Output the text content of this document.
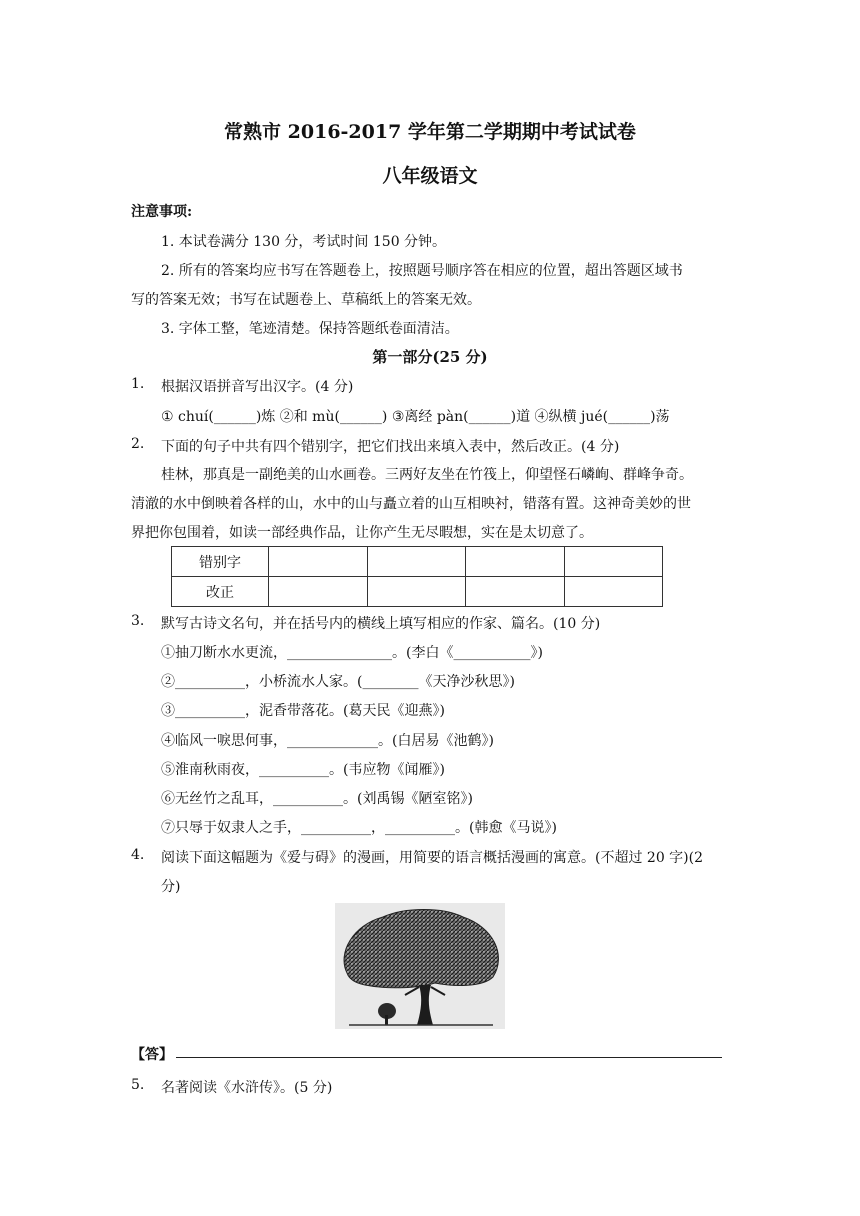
常熟市 2016-2017 学年第二学期期中考试试卷
八年级语文
注意事项:
1. 本试卷满分 130 分，考试时间 150 分钟。
2. 所有的答案均应书写在答题卷上，按照题号顺序答在相应的位置，超出答题区域书
写的答案无效；书写在试题卷上、草稿纸上的答案无效。
3. 字体工整，笔迹清楚。保持答题纸卷面清洁。
第一部分(25 分)
1. 根据汉语拼音写出汉字。(4 分)
① chuí(______)炼 ②和 mù(______) ③离经 pàn(______)道 ④纵横 jué(______)荡
2. 下面的句子中共有四个错别字，把它们找出来填入表中，然后改正。(4 分)
桂林，那真是一副绝美的山水画卷。三两好友坐在竹筏上，仰望怪石嶙峋、群峰争奇。
清澈的水中倒映着各样的山，水中的山与矗立着的山互相映衬，错落有置。这神奇美妙的世
界把你包围着，如读一部经典作品，让你产生无尽暇想，实在是太切意了。
错别字				
改正				
3. 默写古诗文名句，并在括号内的横线上填写相应的作家、篇名。(10 分)
①抽刀断水水更流，_______________。(李白《___________》)
②__________，小桥流水人家。(________《天净沙秋思》)
③__________，泥香带落花。(葛天民《迎燕》)
④临风一唳思何事，_____________。(白居易《池鹤》)
⑤淮南秋雨夜，__________。(韦应物《闻雁》)
⑥无丝竹之乱耳，__________。(刘禹锡《陋室铭》)
⑦只辱于奴隶人之手，__________，__________。(韩愈《马说》)
4. 阅读下面这幅题为《爱与碍》的漫画，用简要的语言概括漫画的寓意。(不超过 20 字)(2
分)
【答】
5. 名著阅读《水浒传》。(5 分)
